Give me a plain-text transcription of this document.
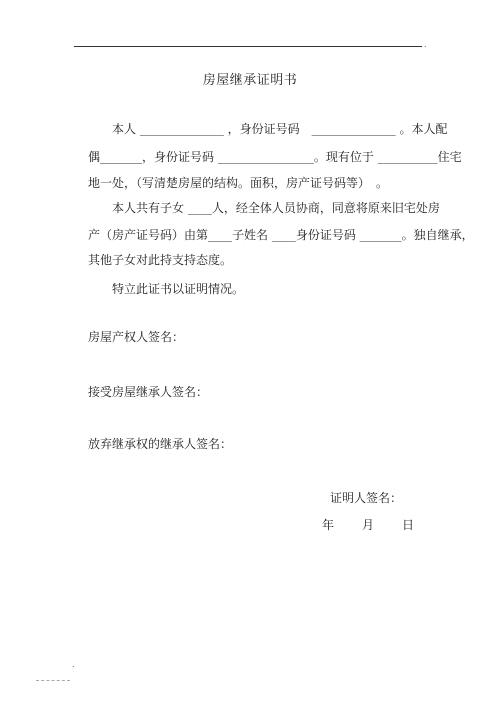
.
房屋继承证明书
本人 ______________ ，身份证号码　______________ 。本人配
偶_______，身份证号码 ________________。现有位于 __________住宅
地一处，（写清楚房屋的结构。面积，房产证号码等）　。
本人共有子女 ____人，经全体人员协商，同意将原来旧宅处房
产（房产证号码）由第____子姓名 ____身份证号码 _______。独自继承，
其他子女对此持支持态度。
特立此证书以证明情况。
房屋产权人签名：
接受房屋继承人签名：
放弃继承权的继承人签名：
证明人签名：
年 月 日
.
